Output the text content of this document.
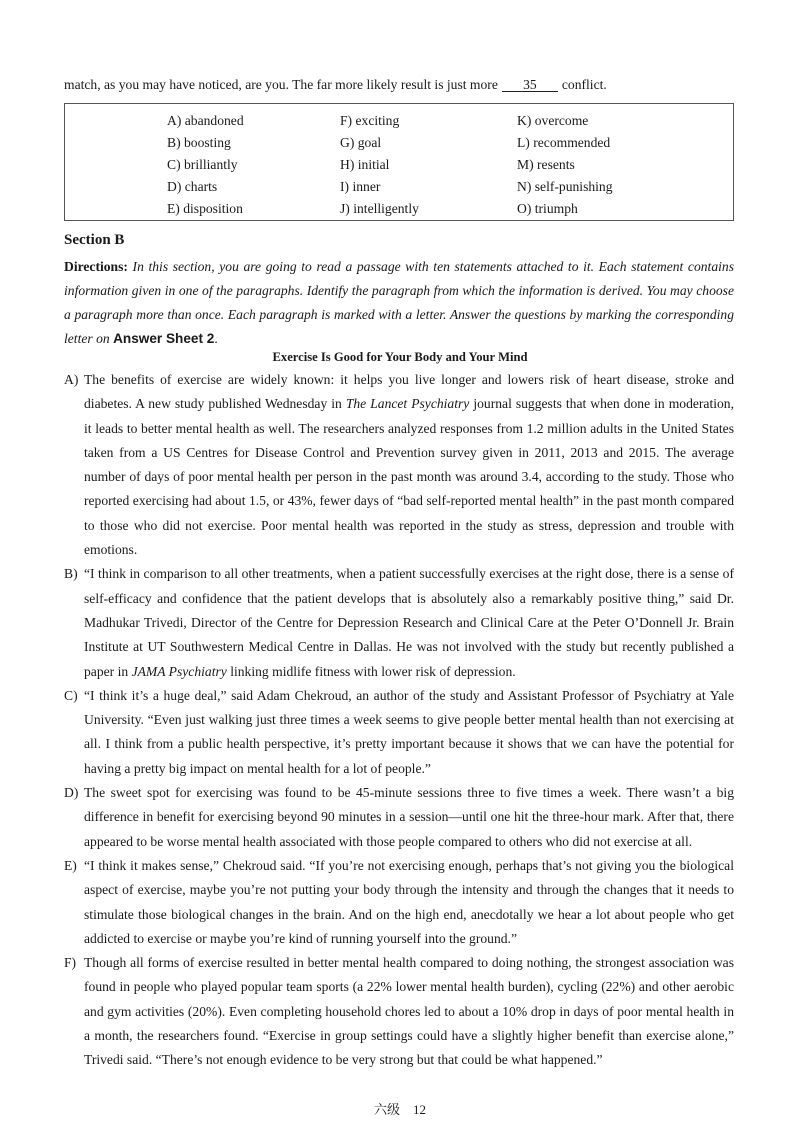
match, as you may have noticed, are you. The far more likely result is just more 35 conflict.
A) abandoned
B) boosting
C) brilliantly
D) charts
E) disposition
F) exciting
G) goal
H) initial
I) inner
J) intelligently
K) overcome
L) recommended
M) resents
N) self-punishing
O) triumph
Section B
Directions: In this section, you are going to read a passage with ten statements attached to it. Each statement contains information given in one of the paragraphs. Identify the paragraph from which the information is derived. You may choose a paragraph more than once. Each paragraph is marked with a letter. Answer the questions by marking the corresponding letter on Answer Sheet 2.
Exercise Is Good for Your Body and Your Mind
A) The benefits of exercise are widely known: it helps you live longer and lowers risk of heart disease, stroke and diabetes. A new study published Wednesday in The Lancet Psychiatry journal suggests that when done in moderation, it leads to better mental health as well. The researchers analyzed responses from 1.2 million adults in the United States taken from a US Centres for Disease Control and Prevention survey given in 2011, 2013 and 2015. The average number of days of poor mental health per person in the past month was around 3.4, according to the study. Those who reported exercising had about 1.5, or 43%, fewer days of “bad self-reported mental health” in the past month compared to those who did not exercise. Poor mental health was reported in the study as stress, depression and trouble with emotions.
B) “I think in comparison to all other treatments, when a patient successfully exercises at the right dose, there is a sense of self-efficacy and confidence that the patient develops that is absolutely also a remarkably positive thing,” said Dr. Madhukar Trivedi, Director of the Centre for Depression Research and Clinical Care at the Peter O’Donnell Jr. Brain Institute at UT Southwestern Medical Centre in Dallas. He was not involved with the study but recently published a paper in JAMA Psychiatry linking midlife fitness with lower risk of depression.
C) “I think it’s a huge deal,” said Adam Chekroud, an author of the study and Assistant Professor of Psychiatry at Yale University. “Even just walking just three times a week seems to give people better mental health than not exercising at all. I think from a public health perspective, it’s pretty important because it shows that we can have the potential for having a pretty big impact on mental health for a lot of people.”
D) The sweet spot for exercising was found to be 45-minute sessions three to five times a week. There wasn’t a big difference in benefit for exercising beyond 90 minutes in a session—until one hit the three-hour mark. After that, there appeared to be worse mental health associated with those people compared to others who did not exercise at all.
E) “I think it makes sense,” Chekroud said. “If you’re not exercising enough, perhaps that’s not giving you the biological aspect of exercise, maybe you’re not putting your body through the intensity and through the changes that it needs to stimulate those biological changes in the brain. And on the high end, anecdotally we hear a lot about people who get addicted to exercise or maybe you’re kind of running yourself into the ground.”
F) Though all forms of exercise resulted in better mental health compared to doing nothing, the strongest association was found in people who played popular team sports (a 22% lower mental health burden), cycling (22%) and other aerobic and gym activities (20%). Even completing household chores led to about a 10% drop in days of poor mental health in a month, the researchers found. “Exercise in group settings could have a slightly higher benefit than exercise alone,” Trivedi said. “There’s not enough evidence to be very strong but that could be what happened.”
六级　12
